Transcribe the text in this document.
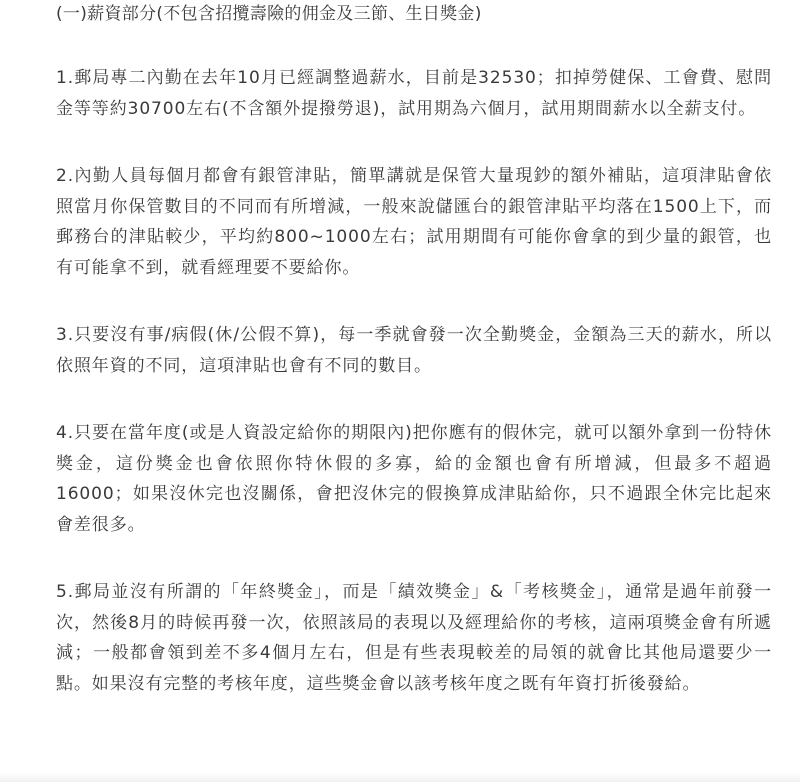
(一)薪資部分(不包含招攬壽險的佣金及三節、生日獎金)

1.郵局專二內勤在去年10月已經調整過薪水，目前是32530；扣掉勞健保、工會費、慰問金等等約30700左右(不含額外提撥勞退)，試用期為六個月，試用期間薪水以全薪支付。

2.內勤人員每個月都會有銀管津貼，簡單講就是保管大量現鈔的額外補貼，這項津貼會依照當月你保管數目的不同而有所增減，一般來說儲匯台的銀管津貼平均落在1500上下，而郵務台的津貼較少，平均約800~1000左右；試用期間有可能你會拿的到少量的銀管，也有可能拿不到，就看經理要不要給你。

3.只要沒有事/病假(休/公假不算)，每一季就會發一次全勤獎金，金額為三天的薪水，所以依照年資的不同，這項津貼也會有不同的數目。

4.只要在當年度(或是人資設定給你的期限內)把你應有的假休完，就可以額外拿到一份特休獎金，這份獎金也會依照你特休假的多寡，給的金額也會有所增減，但最多不超過16000；如果沒休完也沒關係，會把沒休完的假換算成津貼給你，只不過跟全休完比起來會差很多。

5.郵局並沒有所謂的「年終獎金」，而是「績效獎金」&「考核獎金」，通常是過年前發一次，然後8月的時候再發一次，依照該局的表現以及經理給你的考核，這兩項獎金會有所遞減；一般都會領到差不多4個月左右，但是有些表現較差的局領的就會比其他局還要少一點。如果沒有完整的考核年度，這些獎金會以該考核年度之既有年資打折後發給。
